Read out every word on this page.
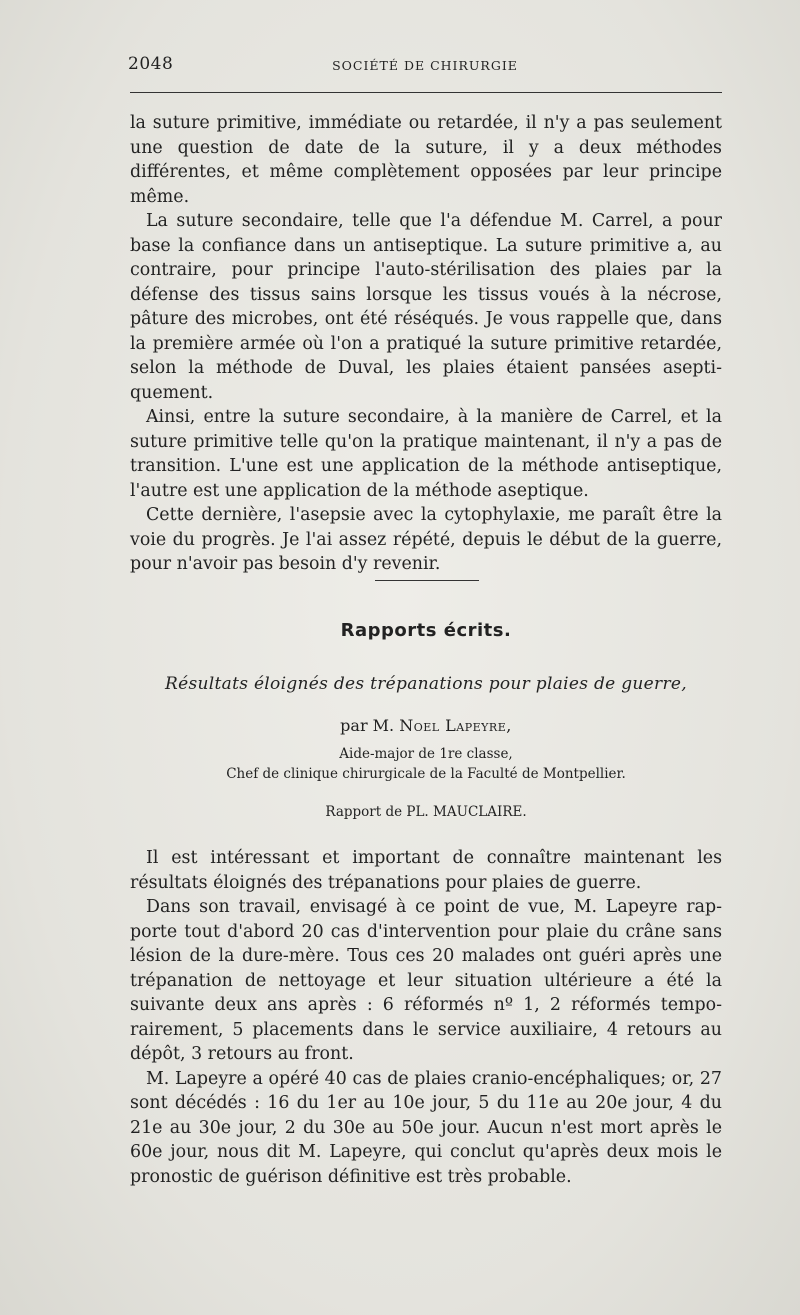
2048	SOCIÉTÉ DE CHIRURGIE

la suture primitive, immédiate ou retardée, il n'y a pas seulement une question de date de la suture, il y a deux méthodes différentes, et même complètement opposées par leur principe même.

La suture secondaire, telle que l'a défendue M. Carrel, a pour base la confiance dans un antiseptique. La suture primitive a, au contraire, pour principe l'auto-stérilisation des plaies par la défense des tissus sains lorsque les tissus voués à la nécrose, pâture des microbes, ont été réséqués. Je vous rappelle que, dans la première armée où l'on a pratiqué la suture primitive retardée, selon la méthode de Duval, les plaies étaient pansées aseptiquement.

Ainsi, entre la suture secondaire, à la manière de Carrel, et la suture primitive telle qu'on la pratique maintenant, il n'y a pas de transition. L'une est une application de la méthode antiseptique, l'autre est une application de la méthode aseptique.

Cette dernière, l'asepsie avec la cytophylaxie, me paraît être la voie du progrès. Je l'ai assez répété, depuis le début de la guerre, pour n'avoir pas besoin d'y revenir.

Rapports écrits.
Résultats éloignés des trépanations pour plaies de guerre,
par M. Noel Lapeyre,
Aide-major de 1re classe,
Chef de clinique chirurgicale de la Faculté de Montpellier.
Rapport de PL. MAUCLAIRE.

Il est intéressant et important de connaître maintenant les résultats éloignés des trépanations pour plaies de guerre.

Dans son travail, envisagé à ce point de vue, M. Lapeyre rapporte tout d'abord 20 cas d'intervention pour plaie du crâne sans lésion de la dure-mère. Tous ces 20 malades ont guéri après une trépanation de nettoyage et leur situation ultérieure a été la suivante deux ans après : 6 réformés nº 1, 2 réformés temporairement, 5 placements dans le service auxiliaire, 4 retours au dépôt, 3 retours au front.

M. Lapeyre a opéré 40 cas de plaies cranio-encéphaliques; or, 27 sont décédés : 16 du 1er au 10e jour, 5 du 11e au 20e jour, 4 du 21e au 30e jour, 2 du 30e au 50e jour. Aucun n'est mort après le 60e jour, nous dit M. Lapeyre, qui conclut qu'après deux mois le pronostic de guérison définitive est très probable.
